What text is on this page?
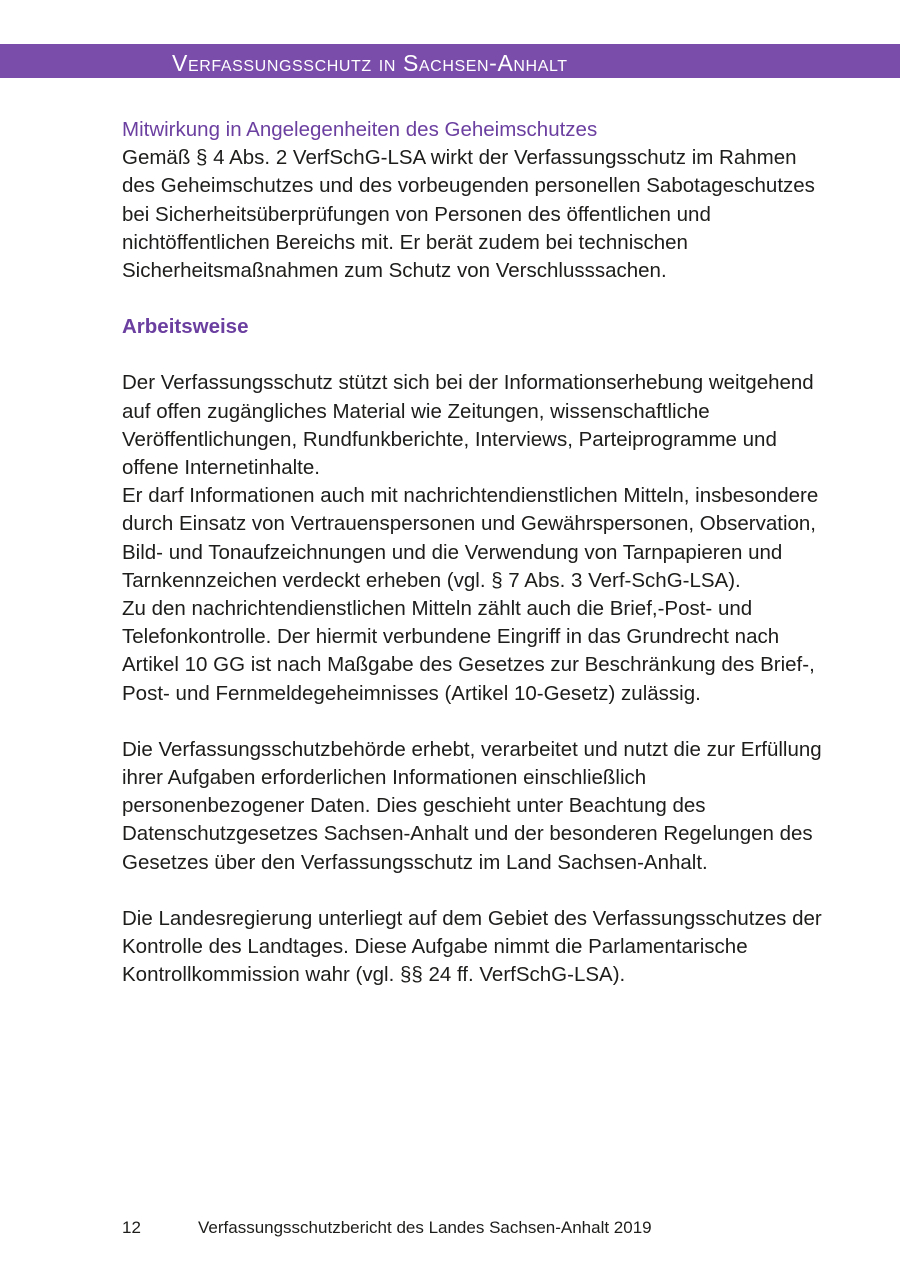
Verfassungsschutz in Sachsen-Anhalt

Mitwirkung in Angelegenheiten des Geheimschutzes

Gemäß § 4 Abs. 2 VerfSchG-LSA wirkt der Verfassungsschutz im Rahmen des Geheimschutzes und des vorbeugenden personellen Sabotageschutzes bei Sicherheitsüberprüfungen von Personen des öffentlichen und nichtöffentlichen Bereichs mit. Er berät zudem bei technischen Sicherheitsmaßnahmen zum Schutz von Verschlusssachen.

Arbeitsweise

Der Verfassungsschutz stützt sich bei der Informationserhebung weitgehend auf offen zugängliches Material wie Zeitungen, wissenschaftliche Veröffentlichungen, Rundfunkberichte, Interviews, Parteiprogramme und offene Internetinhalte.

Er darf Informationen auch mit nachrichtendienstlichen Mitteln, insbesondere durch Einsatz von Vertrauenspersonen und Gewährspersonen, Observation, Bild- und Tonaufzeichnungen und die Verwendung von Tarnpapieren und Tarnkennzeichen verdeckt erheben (vgl. § 7 Abs. 3 Verf-SchG-LSA).

Zu den nachrichtendienstlichen Mitteln zählt auch die Brief,-Post- und Telefonkontrolle. Der hiermit verbundene Eingriff in das Grundrecht nach Artikel 10 GG ist nach Maßgabe des Gesetzes zur Beschränkung des Brief-, Post- und Fernmeldegeheimnisses (Artikel 10-Gesetz) zulässig.

Die Verfassungsschutzbehörde erhebt, verarbeitet und nutzt die zur Erfüllung ihrer Aufgaben erforderlichen Informationen einschließlich personenbezogener Daten. Dies geschieht unter Beachtung des Datenschutzgesetzes Sachsen-Anhalt und der besonderen Regelungen des Gesetzes über den Verfassungsschutz im Land Sachsen-Anhalt.

Die Landesregierung unterliegt auf dem Gebiet des Verfassungsschutzes der Kontrolle des Landtages. Diese Aufgabe nimmt die Parlamentarische Kontrollkommission wahr (vgl. §§ 24 ff. VerfSchG-LSA).

12	Verfassungsschutzbericht des Landes Sachsen-Anhalt 2019
